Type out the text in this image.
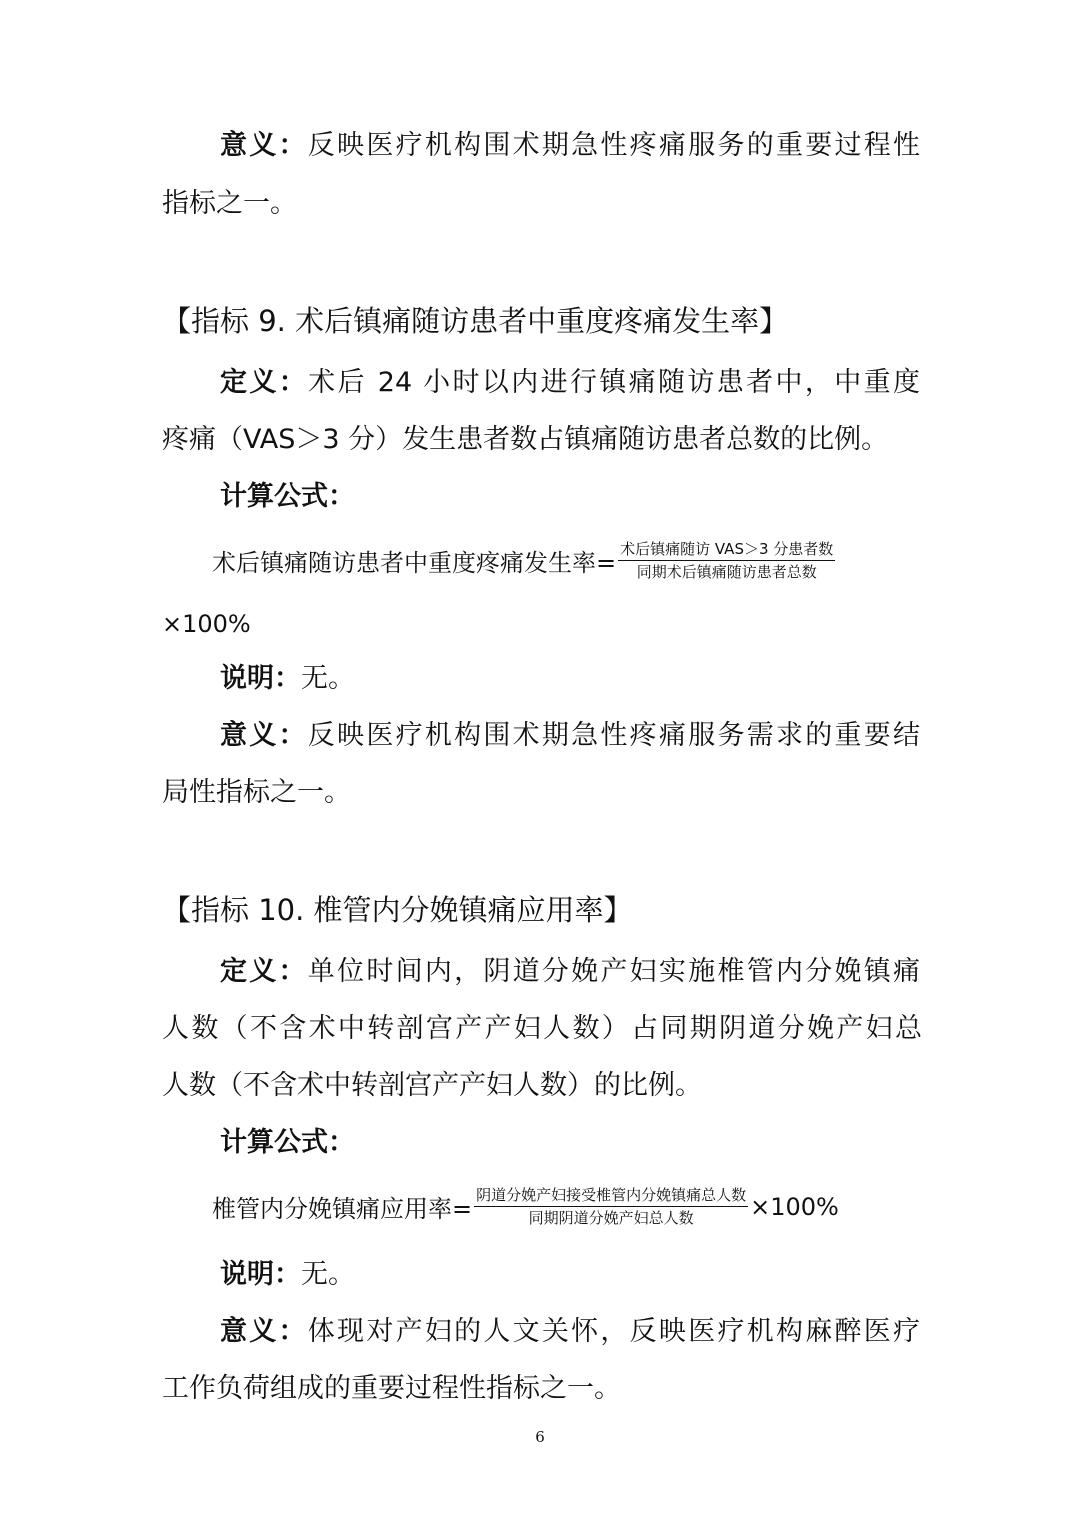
意义：反映医疗机构围术期急性疼痛服务的重要过程性
指标之一。
【指标 9. 术后镇痛随访患者中重度疼痛发生率】
定义：术后 24 小时以内进行镇痛随访患者中，中重度
疼痛（VAS＞3 分）发生患者数占镇痛随访患者总数的比例。
计算公式：
术后镇痛随访患者中重度疼痛发生率= $\frac{\text{术后镇痛随访 VAS＞3 分患者数}}{\text{同期术后镇痛随访患者总数}}$
×100%
说明：无。
意义：反映医疗机构围术期急性疼痛服务需求的重要结
局性指标之一。
【指标 10. 椎管内分娩镇痛应用率】
定义：单位时间内，阴道分娩产妇实施椎管内分娩镇痛
人数（不含术中转剖宫产产妇人数）占同期阴道分娩产妇总
人数（不含术中转剖宫产产妇人数）的比例。
计算公式：
椎管内分娩镇痛应用率= $\frac{\text{阴道分娩产妇接受椎管内分娩镇痛总人数}}{\text{同期阴道分娩产妇总人数}} \times 100\%$
说明：无。
意义：体现对产妇的人文关怀，反映医疗机构麻醉医疗
工作负荷组成的重要过程性指标之一。
6
